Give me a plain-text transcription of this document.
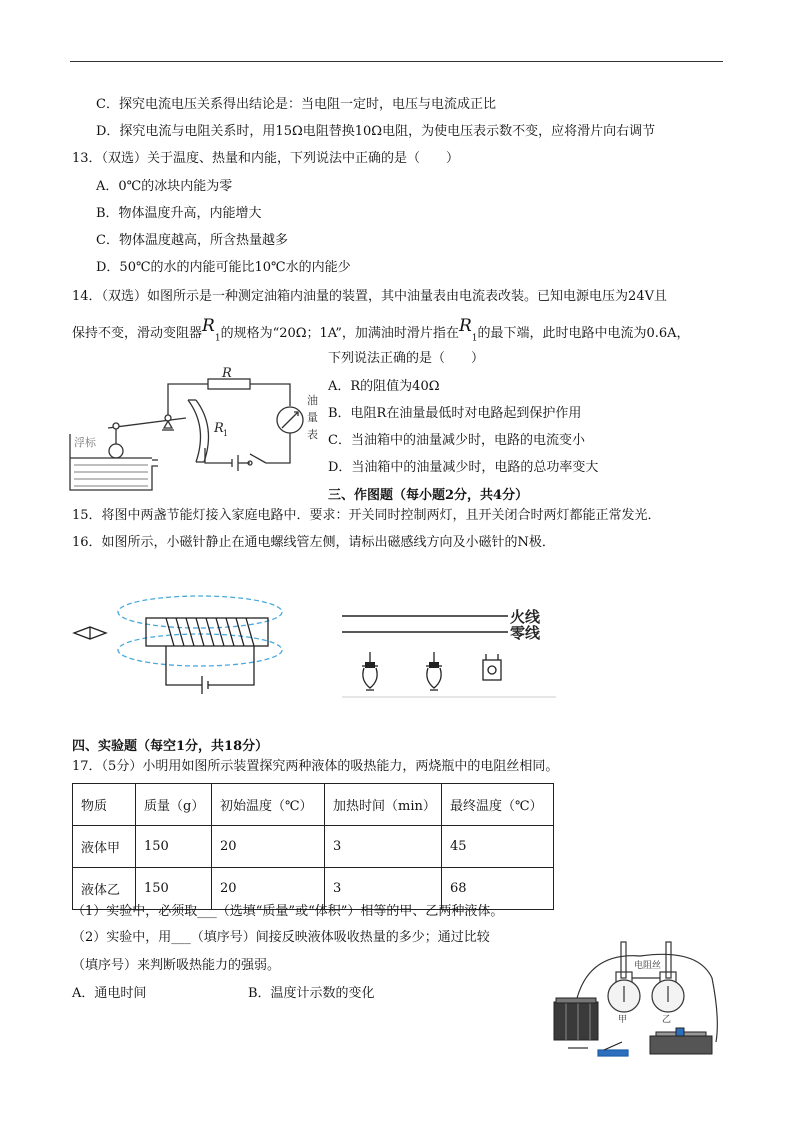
C．探究电流电压关系得出结论是：当电阻一定时，电压与电流成正比
D．探究电流与电阻关系时，用15Ω电阻替换10Ω电阻，为使电压表示数不变，应将滑片向右调节
13．（双选）关于温度、热量和内能，下列说法中正确的是（　　）
A．0℃的冰块内能为零
B．物体温度升高，内能增大
C．物体温度越高，所含热量越多
D．50℃的水的内能可能比10℃水的内能少
14．（双选）如图所示是一种测定油箱内油量的装置，其中油量表由电流表改装。已知电源电压为24V且
保持不变，滑动变阻器$R_1$的规格为“20Ω；1A”，加满油时滑片指在$R_1$的最下端，此时电路中电流为0.6A，
下列说法正确的是（　　）
A．R的阻值为40Ω
B．电阻R在油量最低时对电路起到保护作用
C．当油箱中的油量减少时，电路的电流变小
D．当油箱中的油量减少时，电路的总功率变大
R
R 1
油
量
表
浮标
三、作图题（每小题2分，共4分）
15．将图中两盏节能灯接入家庭电路中．要求：开关同时控制两灯，且开关闭合时两灯都能正常发光．
16．如图所示，小磁针静止在通电螺线管左侧，请标出磁感线方向及小磁针的N极．
火线
零线
四、实验题（每空1分，共18分）
17．（5分）小明用如图所示装置探究两种液体的吸热能力，两烧瓶中的电阻丝相同。
物质	质量（g）	初始温度（℃）	加热时间（min）	最终温度（℃）
液体甲	150	20	3	45
液体乙	150	20	3	68
（1）实验中，必须取___（选填“质量”或“体积”）相等的甲、乙两种液体。
（2）实验中，用___（填序号）间接反映液体吸收热量的多少；通过比较
（填序号）来判断吸热能力的强弱。
A．通电时间	B．温度计示数的变化
电阻丝
甲	乙
